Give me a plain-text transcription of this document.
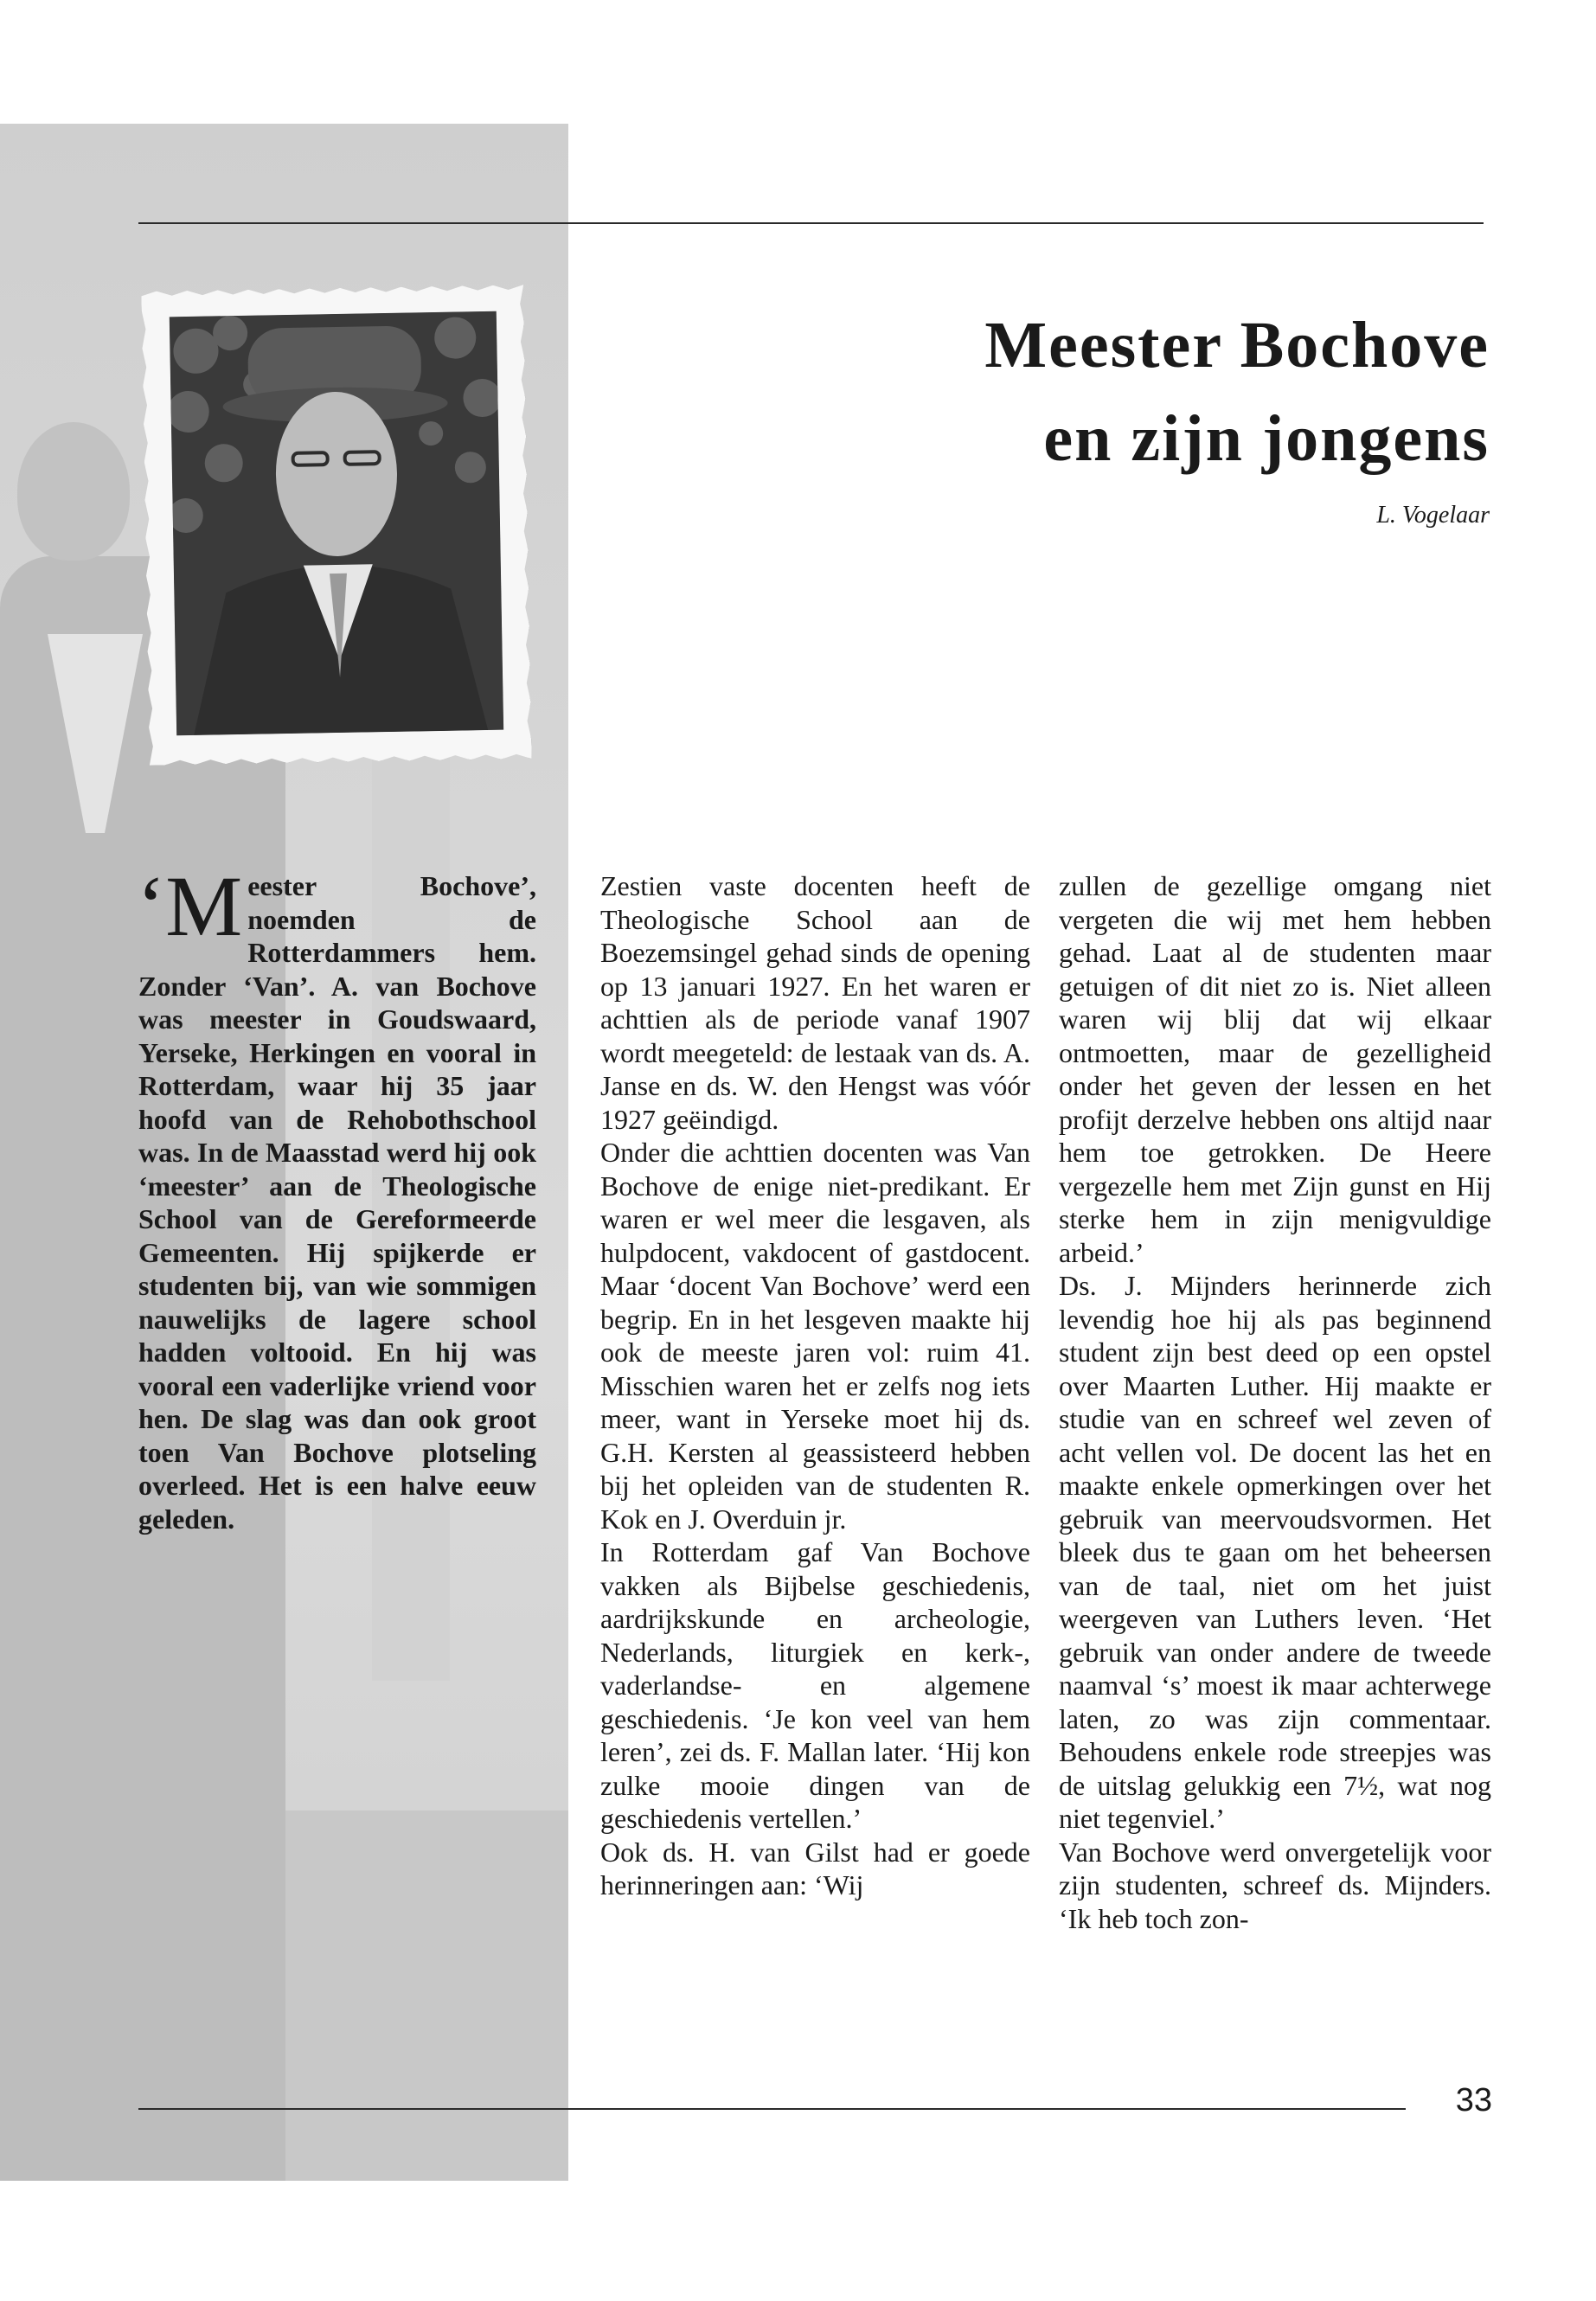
Meester Bochove
en zijn jongens
L. Vogelaar

‘Meester Bochove’, noemden de Rotterdammers hem. Zonder ‘Van’. A. van Bochove was meester in Goudswaard, Yerseke, Herkingen en vooral in Rotterdam, waar hij 35 jaar hoofd van de Rehobothschool was. In de Maasstad werd hij ook ‘meester’ aan de Theologische School van de Gereformeerde Gemeenten. Hij spijkerde er studenten bij, van wie sommigen nauwelijks de lagere school hadden voltooid. En hij was vooral een vaderlijke vriend voor hen. De slag was dan ook groot toen Van Bochove plotseling overleed. Het is een halve eeuw geleden.

Zestien vaste docenten heeft de Theologische School aan de Boezemsingel gehad sinds de opening op 13 januari 1927. En het waren er achttien als de periode vanaf 1907 wordt meegeteld: de lestaak van ds. A. Janse en ds. W. den Hengst was vóór 1927 geëindigd.

Onder die achttien docenten was Van Bochove de enige niet-predikant. Er waren er wel meer die lesgaven, als hulpdocent, vakdocent of gastdocent. Maar ‘docent Van Bochove’ werd een begrip. En in het lesgeven maakte hij ook de meeste jaren vol: ruim 41. Misschien waren het er zelfs nog iets meer, want in Yerseke moet hij ds. G.H. Kersten al geassisteerd hebben bij het opleiden van de studenten R. Kok en J. Overduin jr.

In Rotterdam gaf Van Bochove vakken als Bijbelse geschiedenis, aardrijkskunde en archeologie, Nederlands, liturgiek en kerk-, vaderlandse- en algemene geschiedenis. ‘Je kon veel van hem leren’, zei ds. F. Mallan later. ‘Hij kon zulke mooie dingen van de geschiedenis vertellen.’

Ook ds. H. van Gilst had er goede herinneringen aan: ‘Wij

zullen de gezellige omgang niet vergeten die wij met hem hebben gehad. Laat al de studenten maar getuigen of dit niet zo is. Niet alleen waren wij blij dat wij elkaar ontmoetten, maar de gezelligheid onder het geven der lessen en het profijt derzelve hebben ons altijd naar hem toe getrokken. De Heere vergezelle hem met Zijn gunst en Hij sterke hem in zijn menigvuldige arbeid.’

Ds. J. Mijnders herinnerde zich levendig hoe hij als pas beginnend student zijn best deed op een opstel over Maarten Luther. Hij maakte er studie van en schreef wel zeven of acht vellen vol. De docent las het en maakte enkele opmerkingen over het gebruik van meervoudsvormen. Het bleek dus te gaan om het beheersen van de taal, niet om het juist weergeven van Luthers leven. ‘Het gebruik van onder andere de tweede naamval ‘s’ moest ik maar achterwege laten, zo was zijn commentaar. Behoudens enkele rode streepjes was de uitslag gelukkig een 7½, wat nog niet tegenviel.’

Van Bochove werd onvergetelijk voor zijn studenten, schreef ds. Mijnders. ‘Ik heb toch zon-

33
